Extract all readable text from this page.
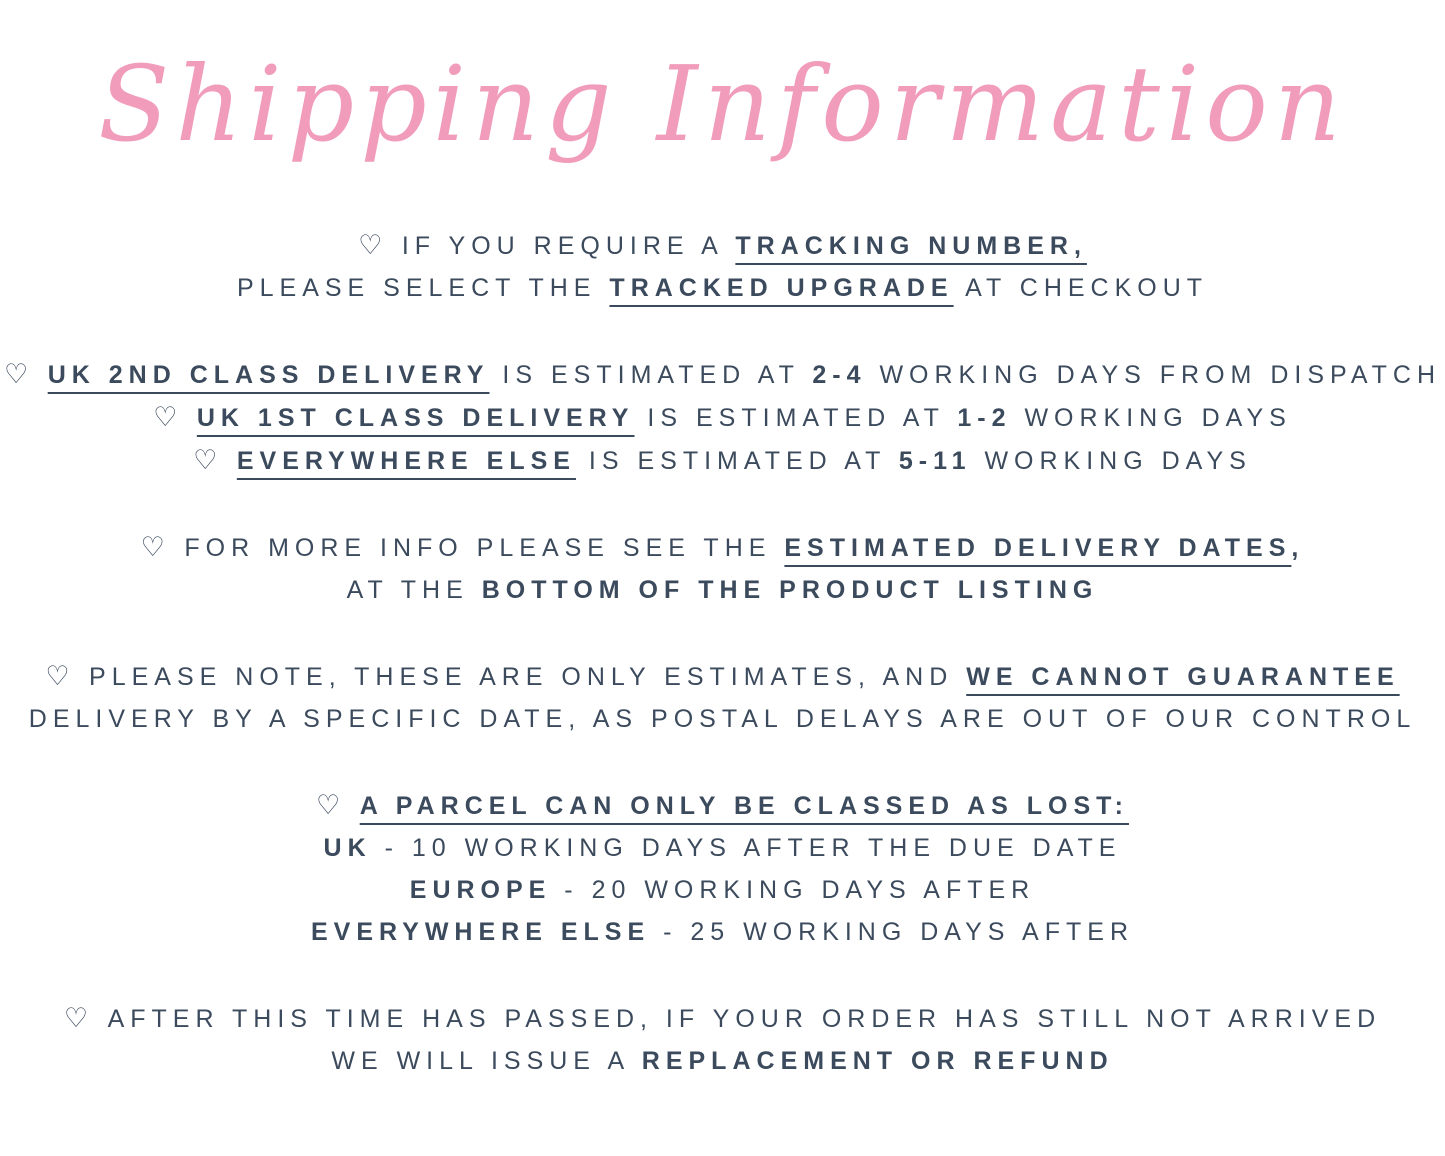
Shipping Information
♡ IF YOU REQUIRE A TRACKING NUMBER,
PLEASE SELECT THE TRACKED UPGRADE AT CHECKOUT
♡ UK 2ND CLASS DELIVERY IS ESTIMATED AT 2-4 WORKING DAYS FROM DISPATCH
♡ UK 1ST CLASS DELIVERY IS ESTIMATED AT 1-2 WORKING DAYS
♡ EVERYWHERE ELSE IS ESTIMATED AT 5-11 WORKING DAYS
♡ FOR MORE INFO PLEASE SEE THE ESTIMATED DELIVERY DATES,
AT THE BOTTOM OF THE PRODUCT LISTING
♡ PLEASE NOTE, THESE ARE ONLY ESTIMATES, AND WE CANNOT GUARANTEE
DELIVERY BY A SPECIFIC DATE, AS POSTAL DELAYS ARE OUT OF OUR CONTROL
♡ A PARCEL CAN ONLY BE CLASSED AS LOST:
UK - 10 WORKING DAYS AFTER THE DUE DATE
EUROPE - 20 WORKING DAYS AFTER
EVERYWHERE ELSE - 25 WORKING DAYS AFTER
♡ AFTER THIS TIME HAS PASSED, IF YOUR ORDER HAS STILL NOT ARRIVED
WE WILL ISSUE A REPLACEMENT OR REFUND
